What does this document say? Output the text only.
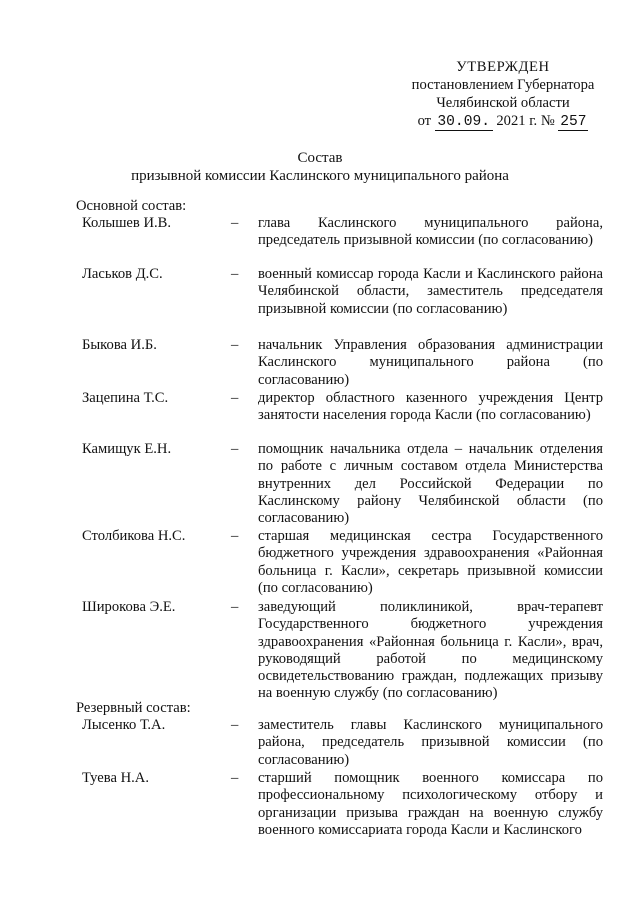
УТВЕРЖДЕН
постановлением Губернатора
Челябинской области
от 30.09. 2021 г. № 257
Состав
призывной комиссии Каслинского муниципального района
Основной состав:
Колышев И.В.	– глава Каслинского муниципального района, председатель призывной комиссии (по согласованию)
Ласьков Д.С.	– военный комиссар города Касли и Каслинского района Челябинской области, заместитель председателя призывной комиссии (по согласованию)
Быкова И.Б.	– начальник Управления образования администрации Каслинского муниципального района (по согласованию)
Зацепина Т.С.	– директор областного казенного учреждения Центр занятости населения города Касли (по согласованию)
Камищук Е.Н.	– помощник начальника отдела – начальник отделения по работе с личным составом отдела Министерства внутренних дел Российской Федерации по Каслинскому району Челябинской области (по согласованию)
Столбикова Н.С.	– старшая медицинская сестра Государственного бюджетного учреждения здравоохранения «Районная больница г. Касли», секретарь призывной комиссии (по согласованию)
Широкова Э.Е.	– заведующий поликлиникой, врач-терапевт Государственного бюджетного учреждения здравоохранения «Районная больница г. Касли», врач, руководящий работой по медицинскому освидетельствованию граждан, подлежащих призыву на военную службу (по согласованию)
Резервный состав:
Лысенко Т.А.	– заместитель главы Каслинского муниципального района, председатель призывной комиссии (по согласованию)
Туева Н.А.	– старший помощник военного комиссара по профессиональному психологическому отбору и организации призыва граждан на военную службу военного комиссариата города Касли и Каслинского
